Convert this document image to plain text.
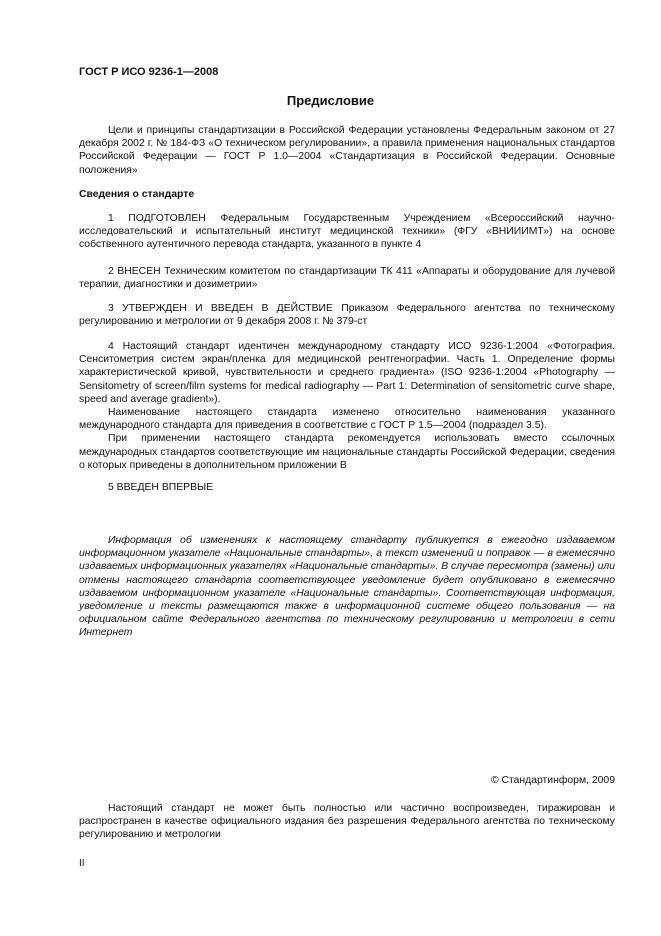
ГОСТ Р ИСО 9236-1—2008
Предисловие

Цели и принципы стандартизации в Российской Федерации установлены Федеральным законом от 27 декабря 2002 г. № 184-ФЗ «О техническом регулировании», а правила применения национальных стандартов Российской Федерации — ГОСТ Р 1.0—2004 «Стандартизация в Российской Федерации. Основные положения»

Сведения о стандарте

1 ПОДГОТОВЛЕН Федеральным Государственным Учреждением «Всероссийский научно-исследовательский и испытательный институт медицинской техники» (ФГУ «ВНИИИМТ») на основе собственного аутентичного перевода стандарта, указанного в пункте 4

2 ВНЕСЕН Техническим комитетом по стандартизации ТК 411 «Аппараты и оборудование для лучевой терапии, диагностики и дозиметрии»

3 УТВЕРЖДЕН И ВВЕДЕН В ДЕЙСТВИЕ Приказом Федерального агентства по техническому регулированию и метрологии от 9 декабря 2008 г. № 379-ст

4 Настоящий стандарт идентичен международному стандарту ИСО 9236-1:2004 «Фотография. Сенситометрия систем экран/пленка для медицинской рентгенографии. Часть 1. Определение формы характеристической кривой, чувствительности и среднего градиента» (ISO 9236-1:2004 «Photography — Sensitometry of screen/film systems for medical radiography — Part 1: Determination of sensitometric curve shape, speed and average gradient»).

Наименование настоящего стандарта изменено относительно наименования указанного международного стандарта для приведения в соответствие с ГОСТ Р 1.5—2004 (подраздел 3.5).

При применении настоящего стандарта рекомендуется использовать вместо ссылочных международных стандартов соответствующие им национальные стандарты Российской Федерации, сведения о которых приведены в дополнительном приложении В

5 ВВЕДЕН ВПЕРВЫЕ

Информация об изменениях к настоящему стандарту публикуется в ежегодно издаваемом информационном указателе «Национальные стандарты», а текст изменений и поправок — в ежемесячно издаваемых информационных указателях «Национальные стандарты». В случае пересмотра (замены) или отмены настоящего стандарта соответствующее уведомление будет опубликовано в ежемесячно издаваемом информационном указателе «Национальные стандарты». Соответствующая информация, уведомление и тексты размещаются также в информационной системе общего пользования — на официальном сайте Федерального агентства по техническому регулированию и метрологии в сети Интернет

© Стандартинформ, 2009

Настоящий стандарт не может быть полностью или частично воспроизведен, тиражирован и распространен в качестве официального издания без разрешения Федерального агентства по техническому регулированию и метрологии

II
